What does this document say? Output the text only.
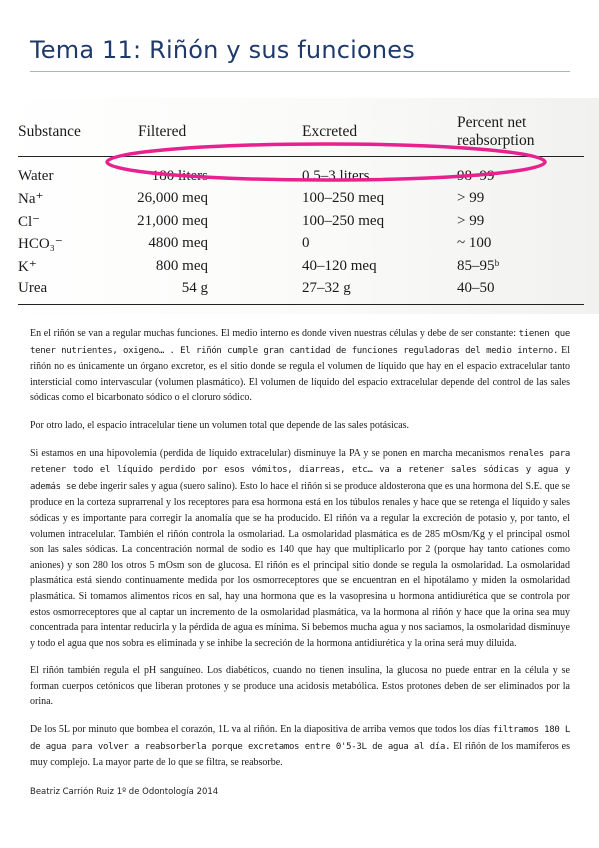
Tema 11: Riñón y sus funciones
Substance	Filtered	Excreted	Percent net reabsorption
Water	180 liters	0.5–3 liters	98–99
Na⁺	26,000 meq	100–250 meq	> 99
Cl⁻	21,000 meq	100–250 meq	> 99
HCO₃⁻	4800 meq	0	~ 100
K⁺	800 meq	40–120 meq	85–95ᵇ
Urea	54 g	27–32 g	40–50

En el riñón se van a regular muchas funciones. El medio interno es donde viven nuestras células y debe de ser constante: tienen que tener nutrientes, oxigeno… . El riñón cumple gran cantidad de funciones reguladoras del medio interno. El riñón no es únicamente un órgano excretor, es el sitio donde se regula el volumen de líquido que hay en el espacio extracelular tanto intersticial como intervascular (volumen plasmático). El volumen de líquido del espacio extracelular depende del control de las sales sódicas como el bicarbonato sódico o el cloruro sódico.

Por otro lado, el espacio intracelular tiene un volumen total que depende de las sales potásicas.

Si estamos en una hipovolemia (perdida de líquido extracelular) disminuye la PA y se ponen en marcha mecanismos renales para retener todo el líquido perdido por esos vómitos, diarreas, etc… va a retener sales sódicas y agua y además se debe ingerir sales y agua (suero salino). Esto lo hace el riñón si se produce aldosterona que es una hormona del S.E. que se produce en la corteza suprarrenal y los receptores para esa hormona está en los túbulos renales y hace que se retenga el líquido y sales sódicas y es importante para corregir la anomalía que se ha producido. El riñón va a regular la excreción de potasio y, por tanto, el volumen intracelular. También el riñón controla la osmolariad. La osmolaridad plasmática es de 285 mOsm/Kg y el principal osmol son las sales sódicas. La concentración normal de sodio es 140 que hay que multiplicarlo por 2 (porque hay tanto cationes como aniones) y son 280 los otros 5 mOsm son de glucosa. El riñón es el principal sitio donde se regula la osmolaridad. La osmolaridad plasmática está siendo continuamente medida por los osmorreceptores que se encuentran en el hipotálamo y miden la osmolaridad plasmática. Si tomamos alimentos ricos en sal, hay una hormona que es la vasopresina u hormona antidiurética que se controla por estos osmorreceptores que al captar un incremento de la osmolaridad plasmática, va la hormona al riñón y hace que la orina sea muy concentrada para intentar reducirla y la pérdida de agua es mínima. Si bebemos mucha agua y nos saciamos, la osmolaridad disminuye y todo el agua que nos sobra es eliminada y se inhibe la secreción de la hormona antidiurética y la orina será muy diluida.

El riñón también regula el pH sanguíneo. Los diabéticos, cuando no tienen insulina, la glucosa no puede entrar en la célula y se forman cuerpos cetónicos que liberan protones y se produce una acidosis metabólica. Estos protones deben de ser eliminados por la orina.

De los 5L por minuto que bombea el corazón, 1L va al riñón. En la diapositiva de arriba vemos que todos los días filtramos 180 L de agua para volver a reabsorberla porque excretamos entre 0'5-3L de agua al día. El riñón de los mamíferos es muy complejo. La mayor parte de lo que se filtra, se reabsorbe.

Beatriz Carrión Ruiz 1º de Odontología 2014
